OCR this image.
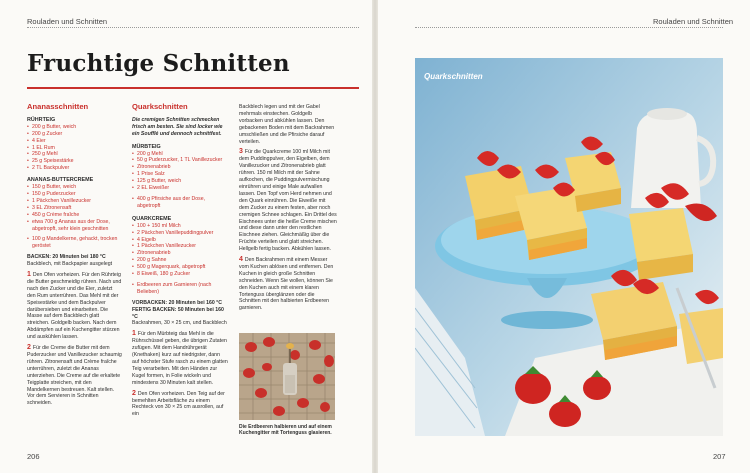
Rouladen und Schnitten
Fruchtige Schnitten
Ananasschnitten
RÜHRTEIG
• 200 g Butter, weich
• 200 g Zucker
• 4 Eier
• 1 EL Rum
• 250 g Mehl
• 25 g Speisestärke
• 2 TL Backpulver
ANANAS-BUTTERCREME
• 150 g Butter, weich
• 150 g Puderzucker
• 1 Päckchen Vanillezucker
• 3 EL Zitronensaft
• 450 g Crème fraîche
• etwa 700 g Ananas aus der Dose, abgetropft, sehr klein geschnitten
• 100 g Mandelkerne, gehackt, trocken geröstet
BACKEN: 20 Minuten bei 180 °C
Backblech, mit Backpapier ausgelegt
1 Den Ofen vorheizen. Für den Rührteig die Butter geschmeidig rühren. Nach und nach den Zucker und die Eier, zuletzt den Rum unterrühren. Das Mehl mit der Speisestärke und dem Backpulver darübersieben und einarbeiten. Die Masse auf dem Backblech glatt streichen. Goldgelb backen. Nach dem Abdämpfen auf ein Kuchengitter stürzen und auskühlen lassen.
2 Für die Creme die Butter mit dem Puderzucker und Vanillezucker schaumig rühren. Zitronensaft und Crème fraîche unterrühren, zuletzt die Ananas unterziehen. Die Creme auf die erkaltete Teigplatte streichen, mit den Mandelkernen bestreuen. Kalt stellen. Vor dem Servieren in Schnitten schneiden.
Quarkschnitten
Die cremigen Schnitten schmecken frisch am besten. Sie sind locker wie ein Soufflé und dennoch schnittfest.
MÜRBTEIG
• 200 g Mehl
• 50 g Puderzucker, 1 TL Vanillezucker
• Zitronenabrieb
• 1 Prise Salz
• 125 g Butter, weich
• 2 EL Eiweißer
• 400 g Pfirsiche aus der Dose, abgetropft
QUARKCREME
• 100 + 150 ml Milch
• 2 Päckchen Vanillepuddingpulver
• 4 Eigelb
• 1 Päckchen Vanillezucker
• Zitronenabrieb
• 200 g Sahne
• 500 g Magerquark, abgetropft
• 8 Eiweiß, 180 g Zucker
• Erdbeeren zum Garnieren (nach Belieben)
VORBACKEN: 20 Minuten bei 160 °C
FERTIG BACKEN: 50 Minuten bei 160 °C
Backrahmen, 30 × 25 cm, und Backblech
1 Für den Mürbteig das Mehl in die Rührschüssel geben, die übrigen Zutaten zufügen. Mit dem Handrührgerät (Knethaken) kurz auf niedrigster, dann auf höchster Stufe rasch zu einem glatten Teig verarbeiten. Mit den Händen zur Kugel formen, in Folie wickeln und mindestens 30 Minuten kalt stellen.
2 Den Ofen vorheizen. Den Teig auf der bemehlten Arbeitsfläche zu einem Rechteck von 30 × 25 cm ausrollen, auf ein
Backblech legen und mit der Gabel mehrmals einstechen. Goldgelb vorbacken und abkühlen lassen. Den gebackenen Boden mit dem Backrahmen umschließen und die Pfirsiche darauf verteilen.
3 Für die Quarkcreme 100 ml Milch mit dem Puddingpulver, den Eigelben, dem Vanillezucker und Zitronenabrieb glatt rühren. 150 ml Milch mit der Sahne aufkochen, die Puddingpulvermischung einrühren und einige Male aufwallen lassen. Den Topf vom Herd nehmen und den Quark einrühren. Die Eiweiße mit dem Zucker zu einem festen, aber noch cremigen Schnee schlagen. Ein Drittel des Eischnees unter die heiße Creme mischen und diese dann unter den restlichen Eischnee ziehen. Gleichmäßig über die Früchte verteilen und glatt streichen. Hellgelb fertig backen. Abkühlen lassen.
4 Den Backrahmen mit einem Messer vom Kuchen ablösen und entfernen. Den Kuchen in gleich große Schnitten schneiden. Wenn Sie wollen, können Sie den Kuchen auch mit einem klaren Tortenguss überglänzen oder die Schnitten mit den halbierten Erdbeeren garnieren.
Die Erdbeeren halbieren und auf einem Kuchengitter mit Tortenguss glasieren.
206
Rouladen und Schnitten
207
Quarkschnitten
